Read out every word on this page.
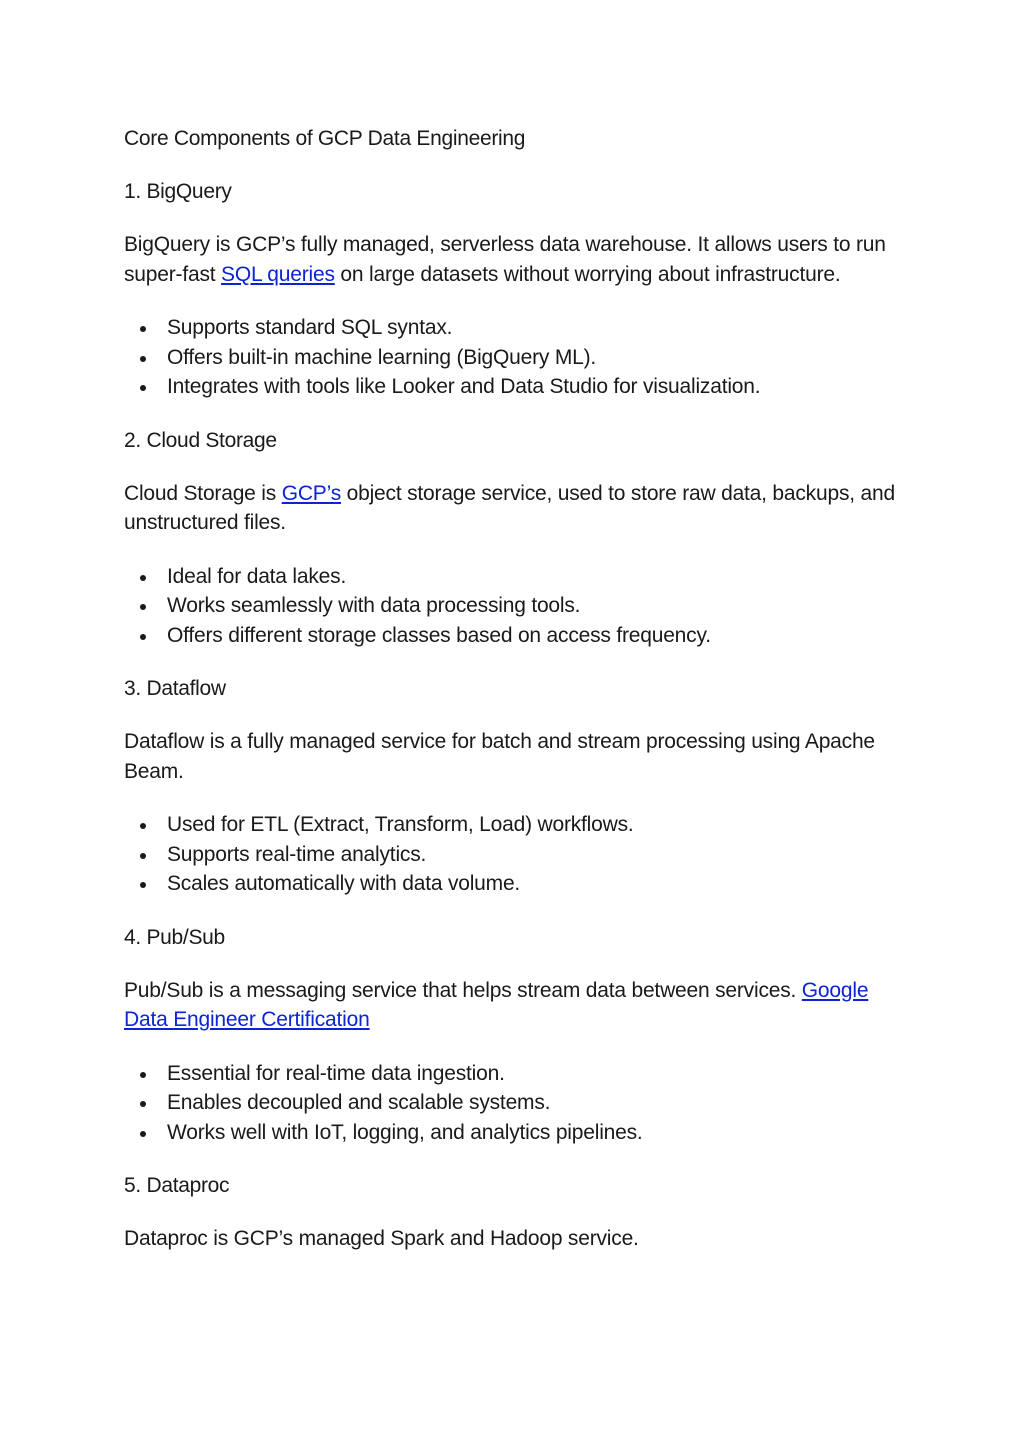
Core Components of GCP Data Engineering
1. BigQuery

BigQuery is GCP’s fully managed, serverless data warehouse. It allows users to run super-fast SQL queries on large datasets without worrying about infrastructure.

Supports standard SQL syntax.
Offers built-in machine learning (BigQuery ML).
Integrates with tools like Looker and Data Studio for visualization.
2. Cloud Storage

Cloud Storage is GCP’s object storage service, used to store raw data, backups, and unstructured files.

Ideal for data lakes.
Works seamlessly with data processing tools.
Offers different storage classes based on access frequency.
3. Dataflow

Dataflow is a fully managed service for batch and stream processing using Apache Beam.

Used for ETL (Extract, Transform, Load) workflows.
Supports real-time analytics.
Scales automatically with data volume.
4. Pub/Sub

Pub/Sub is a messaging service that helps stream data between services. Google Data Engineer Certification

Essential for real-time data ingestion.
Enables decoupled and scalable systems.
Works well with IoT, logging, and analytics pipelines.
5. Dataproc

Dataproc is GCP’s managed Spark and Hadoop service.
